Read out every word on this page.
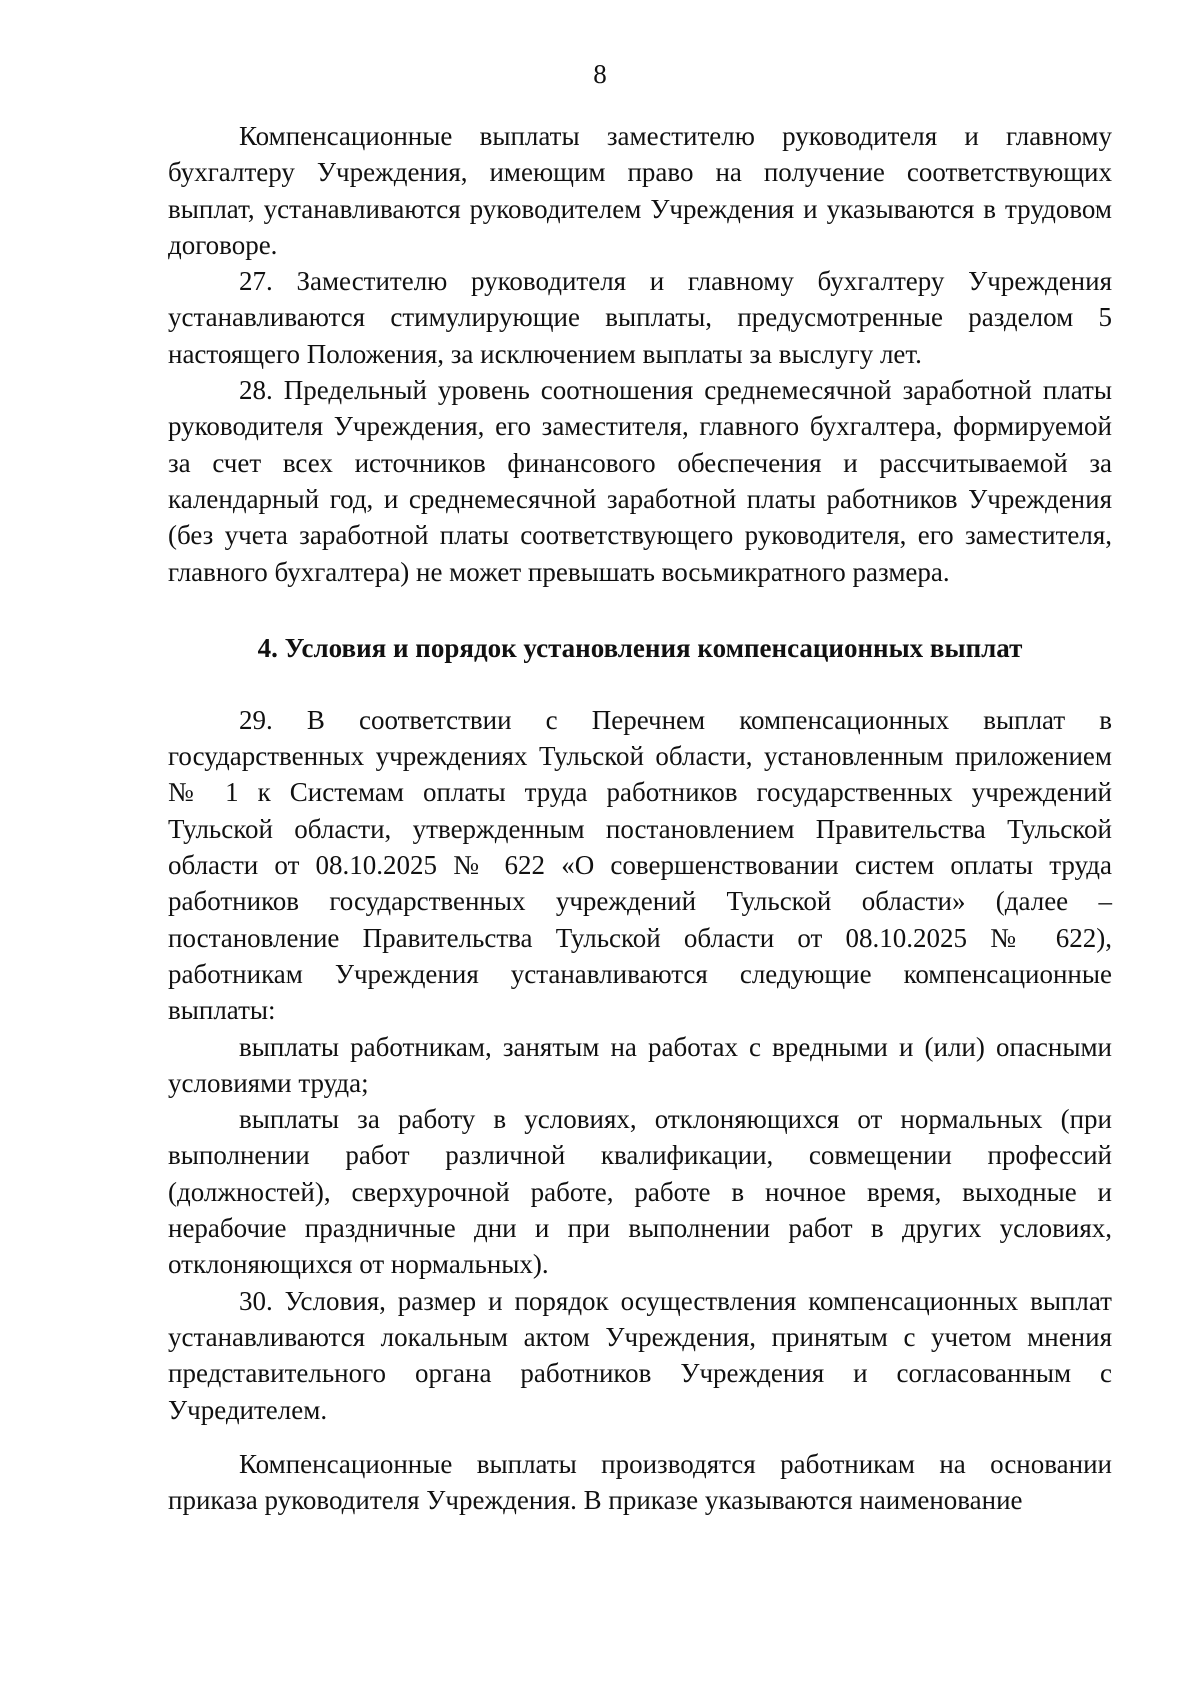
8

Компенсационные выплаты заместителю руководителя и главному бухгалтеру Учреждения, имеющим право на получение соответствующих выплат, устанавливаются руководителем Учреждения и указываются в трудовом договоре.

27. Заместителю руководителя и главному бухгалтеру Учреждения устанавливаются стимулирующие выплаты, предусмотренные разделом 5 настоящего Положения, за исключением выплаты за выслугу лет.

28. Предельный уровень соотношения среднемесячной заработной платы руководителя Учреждения, его заместителя, главного бухгалтера, формируемой за счет всех источников финансового обеспечения и рассчитываемой за календарный год, и среднемесячной заработной платы работников Учреждения (без учета заработной платы соответствующего руководителя, его заместителя, главного бухгалтера) не может превышать восьмикратного размера.

4. Условия и порядок установления компенсационных выплат

29. В соответствии с Перечнем компенсационных выплат в государственных учреждениях Тульской области, установленным приложением № 1 к Системам оплаты труда работников государственных учреждений Тульской области, утвержденным постановлением Правительства Тульской области от 08.10.2025 № 622 «О совершенствовании систем оплаты труда работников государственных учреждений Тульской области» (далее – постановление Правительства Тульской области от 08.10.2025 № 622), работникам Учреждения устанавливаются следующие компенсационные выплаты:

выплаты работникам, занятым на работах с вредными и (или) опасными условиями труда;

выплаты за работу в условиях, отклоняющихся от нормальных (при выполнении работ различной квалификации, совмещении профессий (должностей), сверхурочной работе, работе в ночное время, выходные и нерабочие праздничные дни и при выполнении работ в других условиях, отклоняющихся от нормальных).

30. Условия, размер и порядок осуществления компенсационных выплат устанавливаются локальным актом Учреждения, принятым с учетом мнения представительного органа работников Учреждения и согласованным с Учредителем.

Компенсационные выплаты производятся работникам на основании приказа руководителя Учреждения. В приказе указываются наименование
